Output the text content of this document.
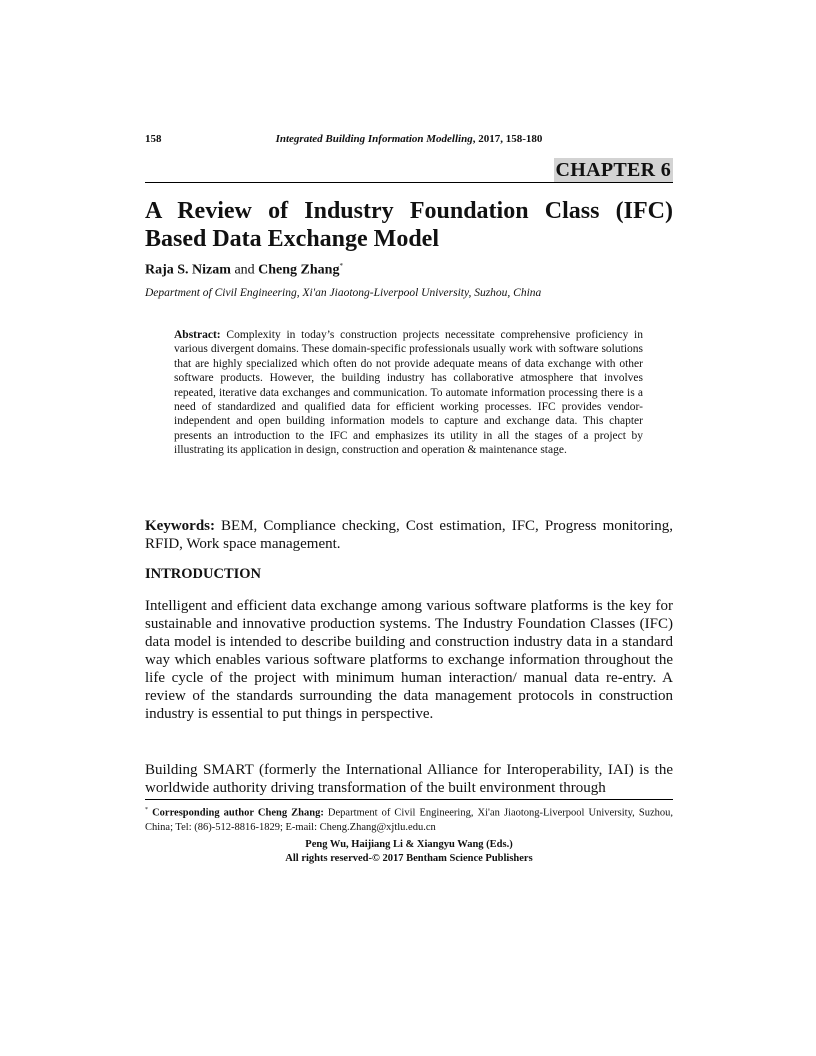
158	Integrated Building Information Modelling, 2017, 158-180
CHAPTER 6
A Review of Industry Foundation Class (IFC)
Based Data Exchange Model
Raja S. Nizam and Cheng Zhang*
Department of Civil Engineering, Xi'an Jiaotong-Liverpool University, Suzhou, China

Abstract: Complexity in today’s construction projects necessitate comprehensive proficiency in various divergent domains. These domain-specific professionals usually work with software solutions that are highly specialized which often do not provide adequate means of data exchange with other software products. However, the building industry has collaborative atmosphere that involves repeated, iterative data exchanges and communication. To automate information processing there is a need of standardized and qualified data for efficient working processes. IFC provides vendor-independent and open building information models to capture and exchange data. This chapter presents an introduction to the IFC and emphasizes its utility in all the stages of a project by illustrating its application in design, construction and operation & maintenance stage.

Keywords: BEM, Compliance checking, Cost estimation, IFC, Progress monitoring, RFID, Work space management.

INTRODUCTION

Intelligent and efficient data exchange among various software platforms is the key for sustainable and innovative production systems. The Industry Foundation Classes (IFC) data model is intended to describe building and construction industry data in a standard way which enables various software platforms to exchange information throughout the life cycle of the project with minimum human interaction/ manual data re-entry. A review of the standards surrounding the data management protocols in construction industry is essential to put things in perspective.

Building SMART (formerly the International Alliance for Interoperability, IAI) is the worldwide authority driving transformation of the built environment through

* Corresponding author Cheng Zhang: Department of Civil Engineering, Xi'an Jiaotong-Liverpool University, Suzhou, China; Tel: (86)-512-8816-1829; E-mail: Cheng.Zhang@xjtlu.edu.cn

Peng Wu, Haijiang Li & Xiangyu Wang (Eds.)
All rights reserved-© 2017 Bentham Science Publishers
